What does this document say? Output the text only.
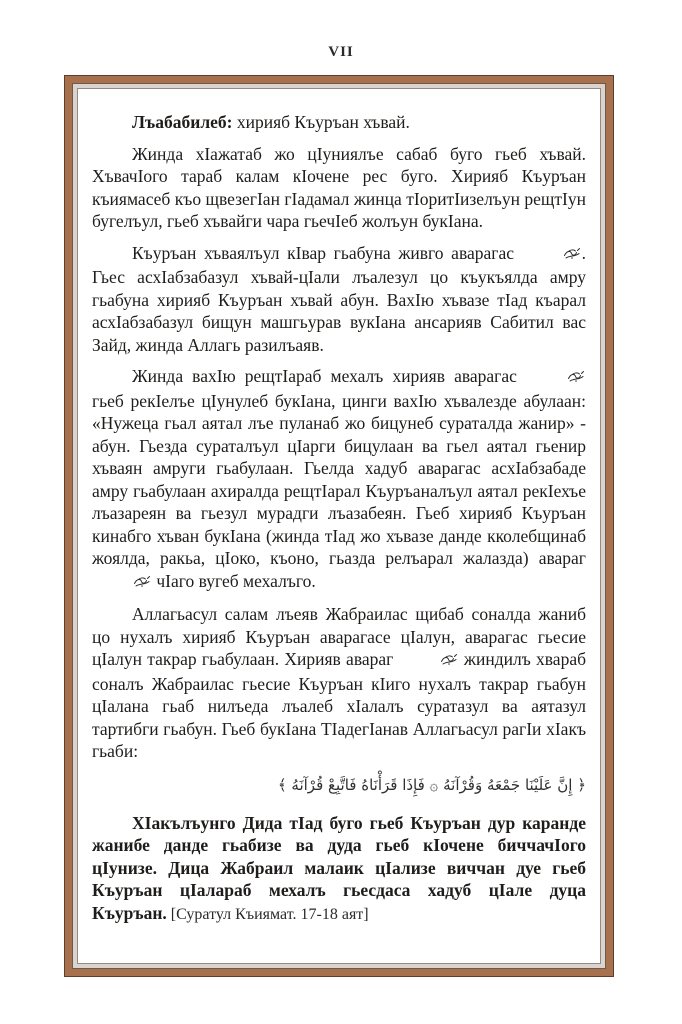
VII

Лъабабилеб: хирияб Къуръан хъвай.

Жинда хIажатаб жо цIуниялъе сабаб буго гьеб хъвай. ХъвачIого тараб калам кIочене рес буго. Хирияб Къуръан къиямасеб къо щвезегIан гIадамал жинца тIоритIизелъун рещтIун бугелъул, гьеб хъвайги чара гьечIеб жолъун букIана.

Къуръан хъваялъул кIвар гьабуна живго аварагас	. Гьес асхIабзабазул хъвай-цIали лъалезул цо къукъялда амру гьабуна хирияб Къуръан хъвай абун. ВахIю хъвазе тIад къарал асхIабзабазул бищун машгьурав вукIана ансарияв Сабитил вас Зайд, жинда Аллагь разилъаяв.

Жинда вахIю рещтIараб мехалъ хирияв аварагас  гьеб рекIелъе цIунулеб букIана, цинги вахIю хъвалезде абулаан: «Нужеца гьал аятал лъе пуланаб жо бицунеб сураталда жанир» - абун. Гьезда сураталъул цIарги бицулаан ва гьел аятал гьенир хъваян амруги гьабулаан. Гьелда хадуб аварагас асхIабзабаде амру гьабулаан ахиралда рещтIарал Къуръаналъул аятал рекIехъе лъазареян ва гьезул мурадги лъазабеян. Гьеб хирияб Къуръан кинабго хъван букIана (жинда тIад жо хъвазе данде кколебщинаб жоялда, ракьа, цIоко, къоно, гьазда релъарал жалазда) авараг  чIаго вугеб мехалъго.

Аллагьасул салам лъеяв Жабраилас щибаб соналда жаниб цо нухалъ хирияб Къуръан аварагасе цIалун, аварагас гьесие цIалун такрар гьабулаан. Хирияв авараг	жиндилъ хвараб соналъ Жабраилас гьесие Къуръан кIиго нухалъ такрар гьабун цIалана гьаб нилъеда лъалеб хIалалъ суратазул ва аятазул тартибги гьабун. Гьеб букIана ТIадегIанав Аллагьасул рагIи хIакъ гьаби:

﴿ إِنَّ عَلَيْنَا جَمْعَهُ وَقُرْآنَهُ ۞ فَإِذَا قَرَأْنَاهُ فَاتَّبِعْ قُرْآنَهُ ﴾

ХIакълъунго Дида тIад буго гьеб Къуръан дур каранде жанибе данде гьабизе ва дуда гьеб кIочене биччачIого цIунизе. Дица Жабраил малаик цIализе виччан дуе гьеб Къуръан цIалараб мехалъ гьесдаса хадуб цIале дуца Къуръан. [Суратул Къиямат. 17-18 аят]
